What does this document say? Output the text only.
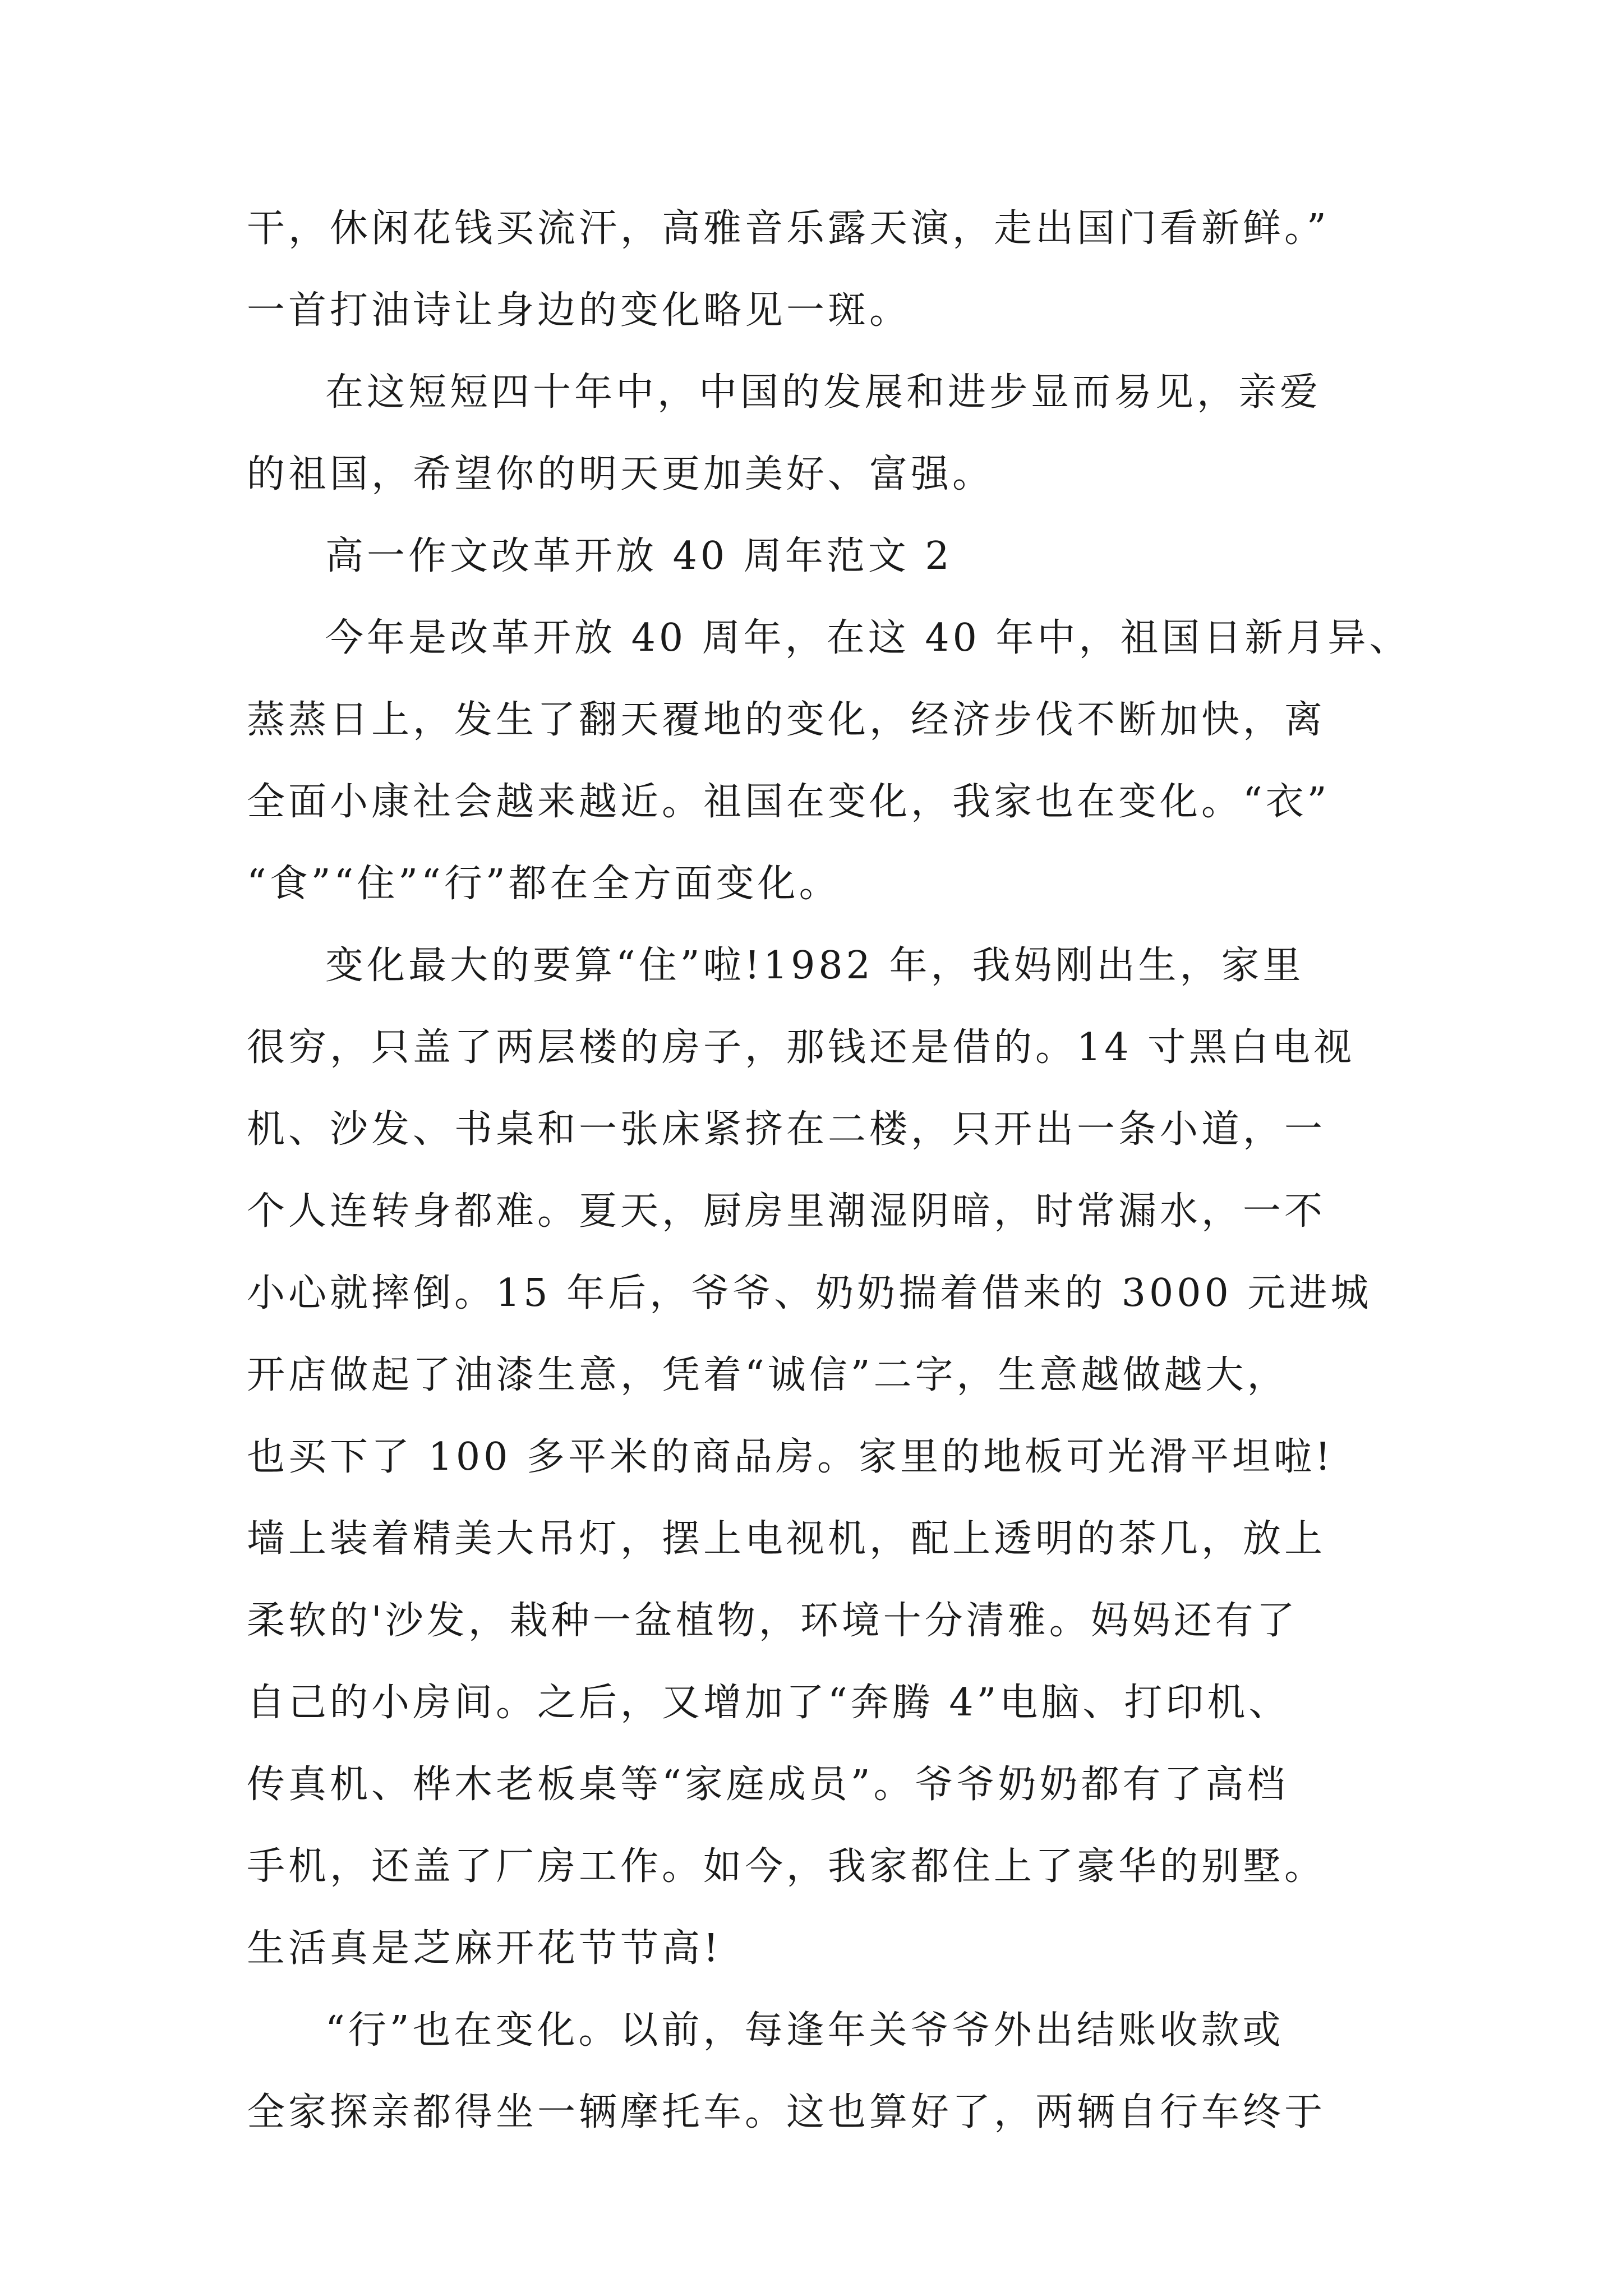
干，休闲花钱买流汗，高雅音乐露天演，走出国门看新鲜。”
一首打油诗让身边的变化略见一斑。
在这短短四十年中，中国的发展和进步显而易见，亲爱
的祖国，希望你的明天更加美好、富强。
高一作文改革开放 40 周年范文 2
今年是改革开放 40 周年，在这 40 年中，祖国日新月异、
蒸蒸日上，发生了翻天覆地的变化，经济步伐不断加快，离
全面小康社会越来越近。祖国在变化，我家也在变化。“衣”
“食”“住”“行”都在全方面变化。
变化最大的要算“住”啦!1982 年，我妈刚出生，家里
很穷，只盖了两层楼的房子，那钱还是借的。14 寸黑白电视
机、沙发、书桌和一张床紧挤在二楼，只开出一条小道，一
个人连转身都难。夏天，厨房里潮湿阴暗，时常漏水，一不
小心就摔倒。15 年后，爷爷、奶奶揣着借来的 3000 元进城
开店做起了油漆生意，凭着“诚信”二字，生意越做越大，
也买下了 100 多平米的商品房。家里的地板可光滑平坦啦!
墙上装着精美大吊灯，摆上电视机，配上透明的茶几，放上
柔软的'沙发，栽种一盆植物，环境十分清雅。妈妈还有了
自己的小房间。之后，又增加了“奔腾 4”电脑、打印机、
传真机、桦木老板桌等“家庭成员”。爷爷奶奶都有了高档
手机，还盖了厂房工作。如今，我家都住上了豪华的别墅。
生活真是芝麻开花节节高!
“行”也在变化。以前，每逢年关爷爷外出结账收款或
全家探亲都得坐一辆摩托车。这也算好了，两辆自行车终于
